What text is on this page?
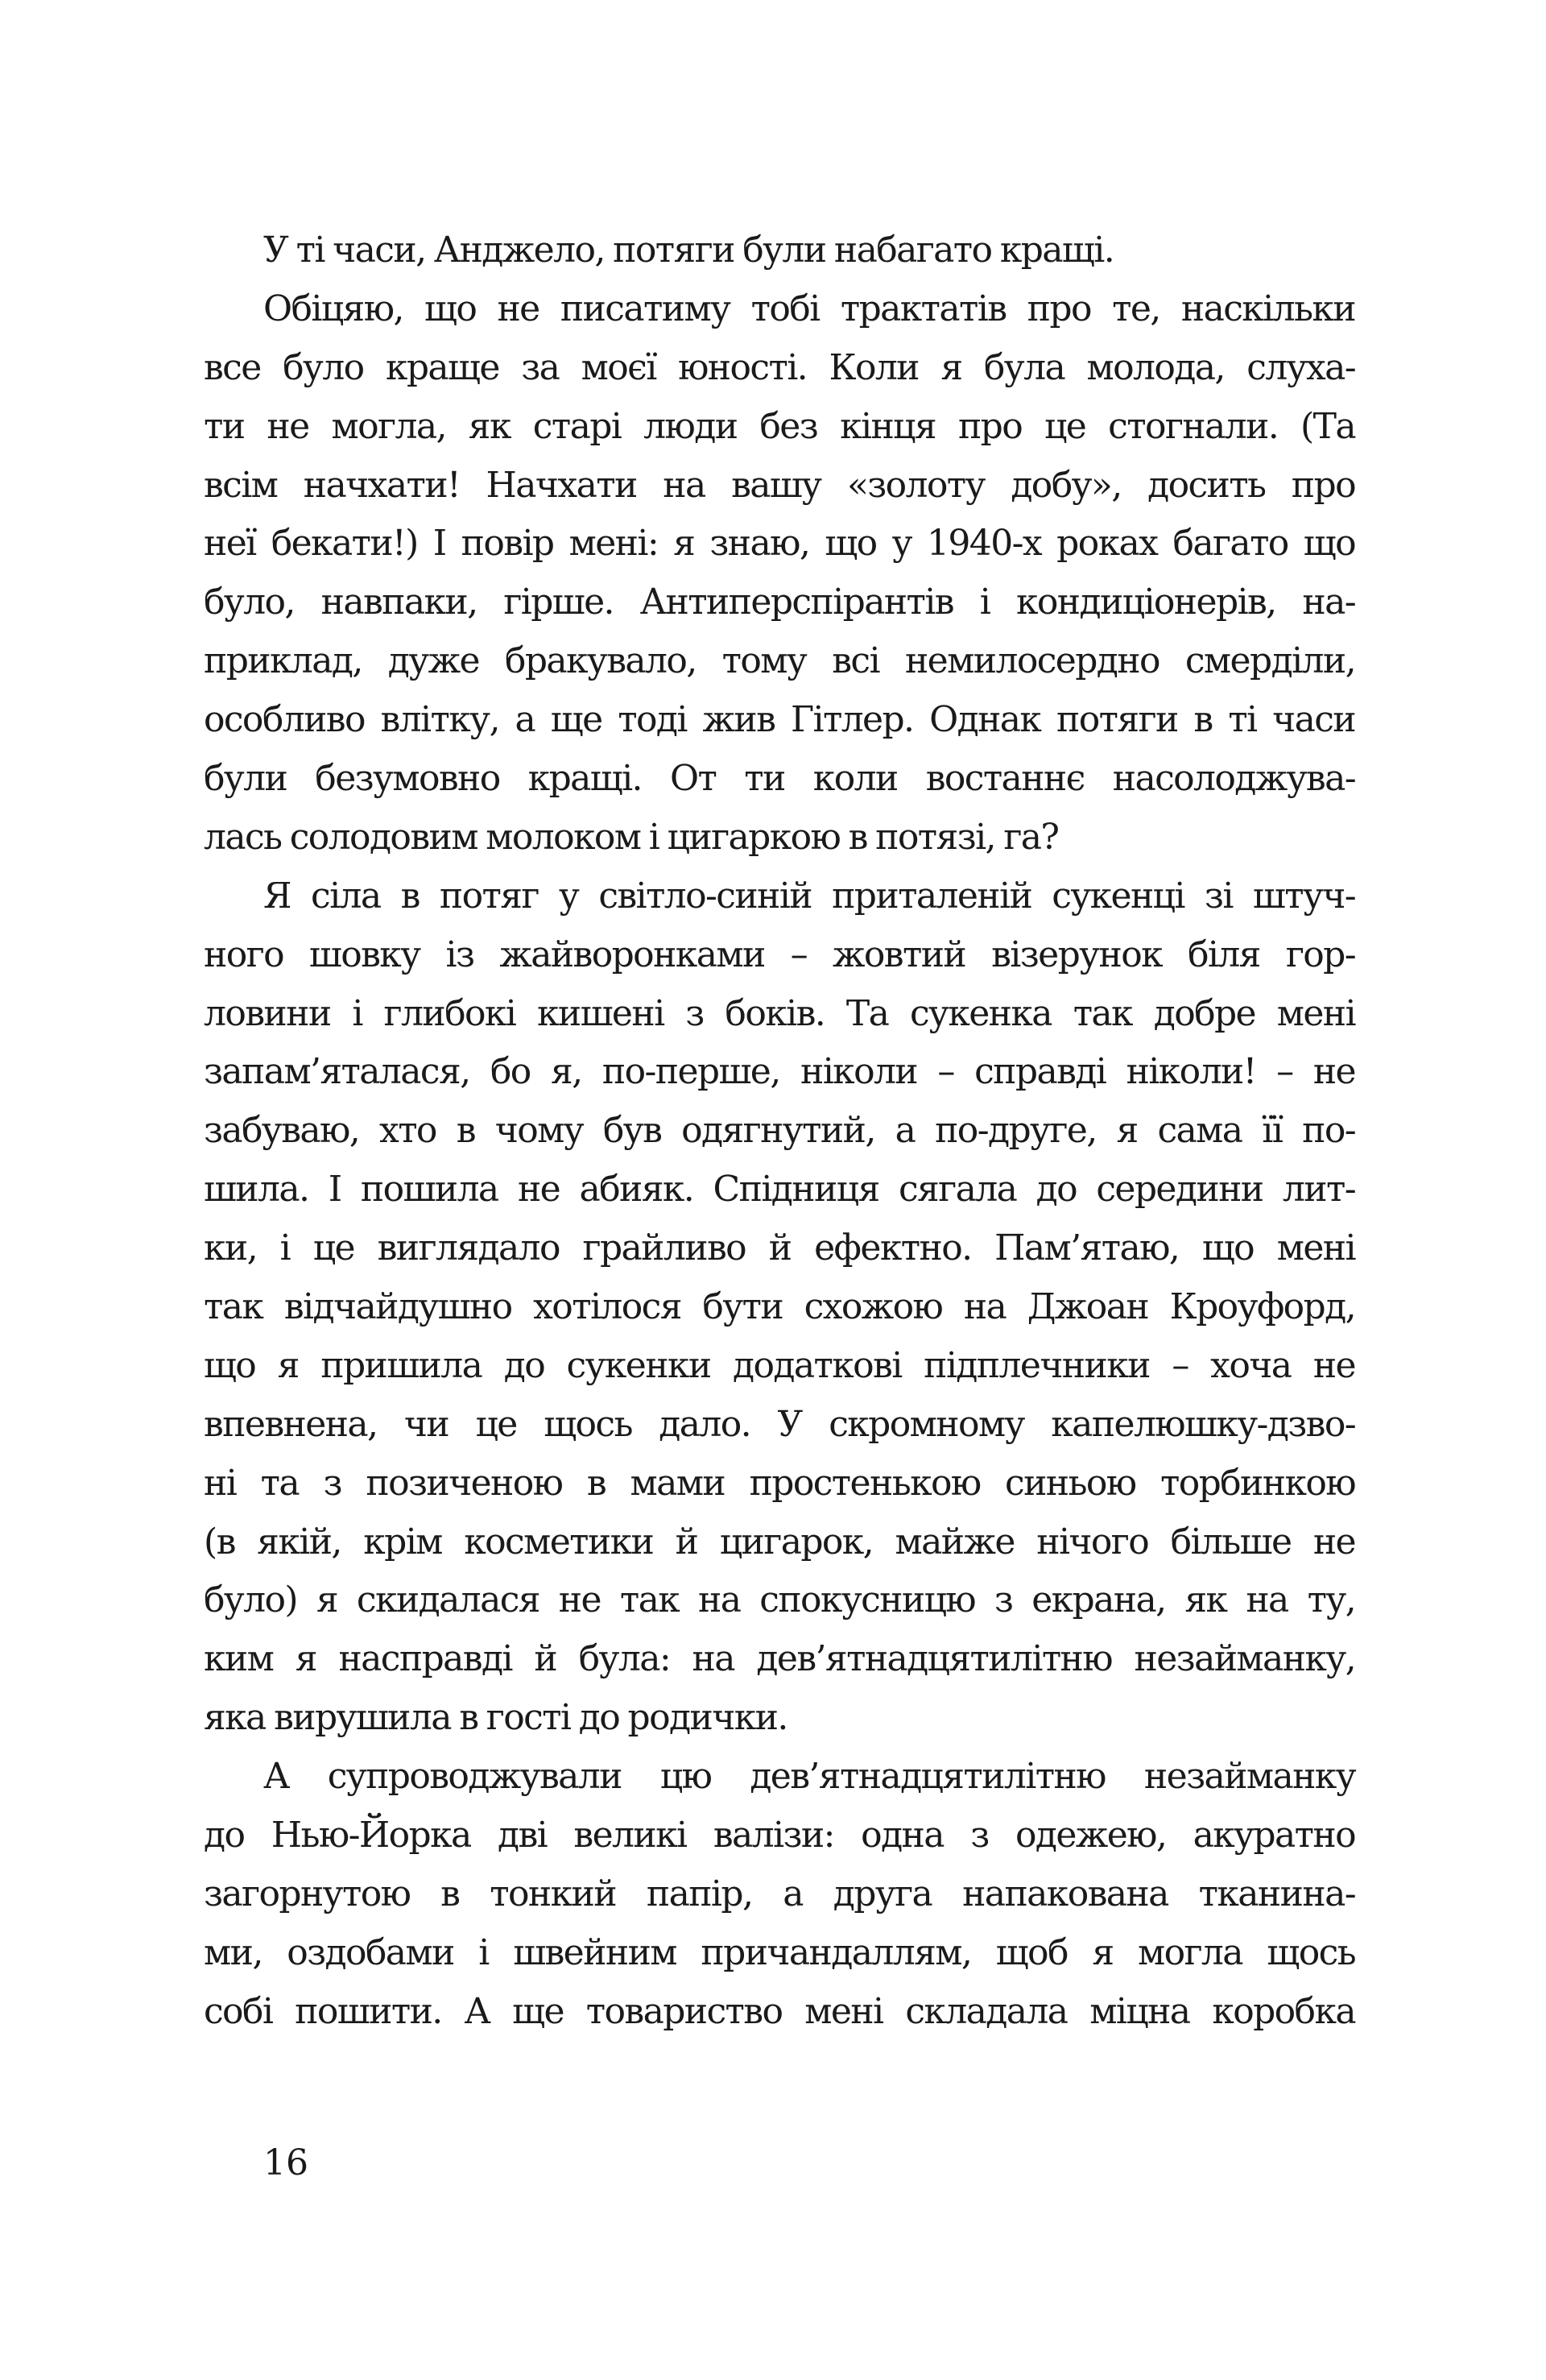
У ті часи, Анджело, потяги були набагато кращі.
Обіцяю, що не писатиму тобі трактатів про те, наскільки
все було краще за моєї юності. Коли я була молода, слуха-
ти не могла, як старі люди без кінця про це стогнали. (Та
всім начхати! Начхати на вашу «золоту добу», досить про
неї бекати!) І повір мені: я знаю, що у 1940-х роках багато що
було, навпаки, гірше. Антиперспірантів і кондиціонерів, на-
приклад, дуже бракувало, тому всі немилосердно смерділи,
особливо влітку, а ще тоді жив Гітлер. Однак потяги в ті часи
були безумовно кращі. От ти коли востаннє насолоджува-
лась солодовим молоком і цигаркою в потязі, га?
Я сіла в потяг у світло-синій приталеній сукенці зі штуч-
ного шовку із жайворонками – жовтий візерунок біля гор-
ловини і глибокі кишені з боків. Та сукенка так добре мені
запам’яталася, бо я, по-перше, ніколи – справді ніколи! – не
забуваю, хто в чому був одягнутий, а по-друге, я сама її по-
шила. І пошила не абияк. Спідниця сягала до середини лит-
ки, і це виглядало грайливо й ефектно. Пам’ятаю, що мені
так відчайдушно хотілося бути схожою на Джоан Кроуфорд,
що я пришила до сукенки додаткові підплечники – хоча не
впевнена, чи це щось дало. У скромному капелюшку-дзво-
ні та з позиченою в мами простенькою синьою торбинкою
(в якій, крім косметики й цигарок, майже нічого більше не
було) я скидалася не так на спокусницю з екрана, як на ту,
ким я насправді й була: на дев’ятнадцятилітню незайманку,
яка вирушила в гості до родички.
А супроводжували цю дев’ятнадцятилітню незайманку
до Нью-Йорка дві великі валізи: одна з одежею, акуратно
загорнутою в тонкий папір, а друга напакована тканина-
ми, оздобами і швейним причандаллям, щоб я могла щось
собі пошити. А ще товариство мені складала міцна коробка
16
